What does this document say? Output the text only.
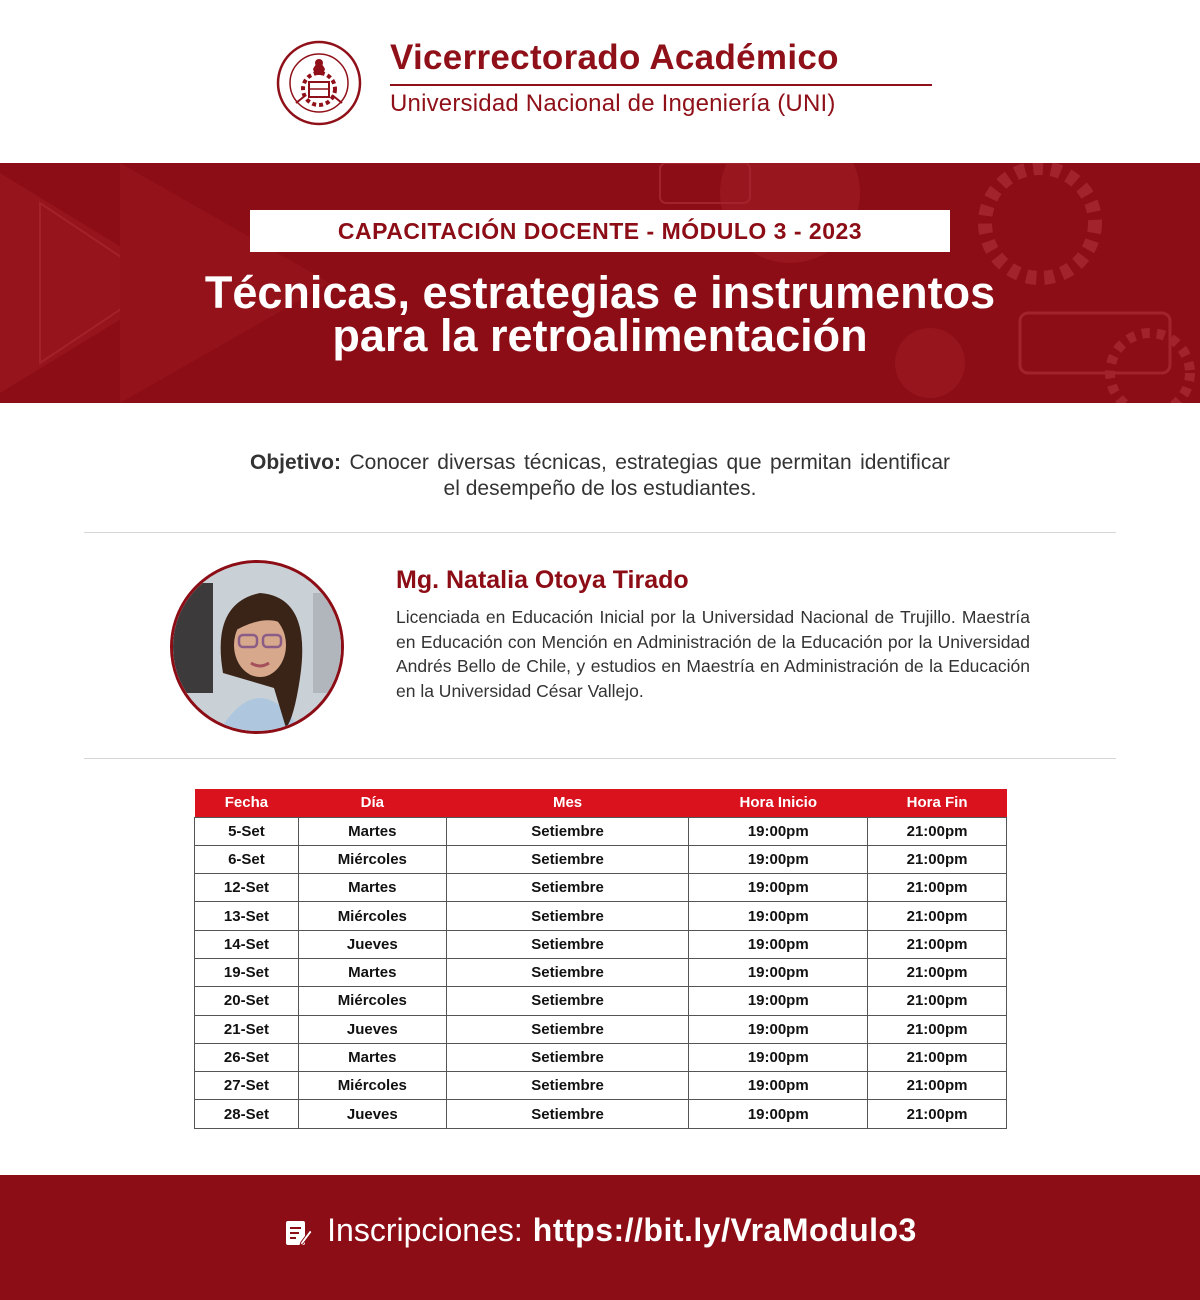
Vicerrectorado Académico
Universidad Nacional de Ingeniería (UNI)
CAPACITACIÓN DOCENTE - MÓDULO 3 - 2023
Técnicas, estrategias e instrumentos
para la retroalimentación
Objetivo: Conocer diversas técnicas, estrategias que permitan identificar el desempeño de los estudiantes.
Mg. Natalia Otoya Tirado
Licenciada en Educación Inicial por la Universidad Nacional de Trujillo. Maestría en Educación con Mención en Administración de la Educación por la Universidad Andrés Bello de Chile, y estudios en Maestría en Administración de la Educación en la Universidad César Vallejo.
Fecha	Día	Mes	Hora Inicio	Hora Fin
5-Set	Martes	Setiembre	19:00pm	21:00pm
6-Set	Miércoles	Setiembre	19:00pm	21:00pm
12-Set	Martes	Setiembre	19:00pm	21:00pm
13-Set	Miércoles	Setiembre	19:00pm	21:00pm
14-Set	Jueves	Setiembre	19:00pm	21:00pm
19-Set	Martes	Setiembre	19:00pm	21:00pm
20-Set	Miércoles	Setiembre	19:00pm	21:00pm
21-Set	Jueves	Setiembre	19:00pm	21:00pm
26-Set	Martes	Setiembre	19:00pm	21:00pm
27-Set	Miércoles	Setiembre	19:00pm	21:00pm
28-Set	Jueves	Setiembre	19:00pm	21:00pm
Inscripciones: https://bit.ly/VraModulo3
